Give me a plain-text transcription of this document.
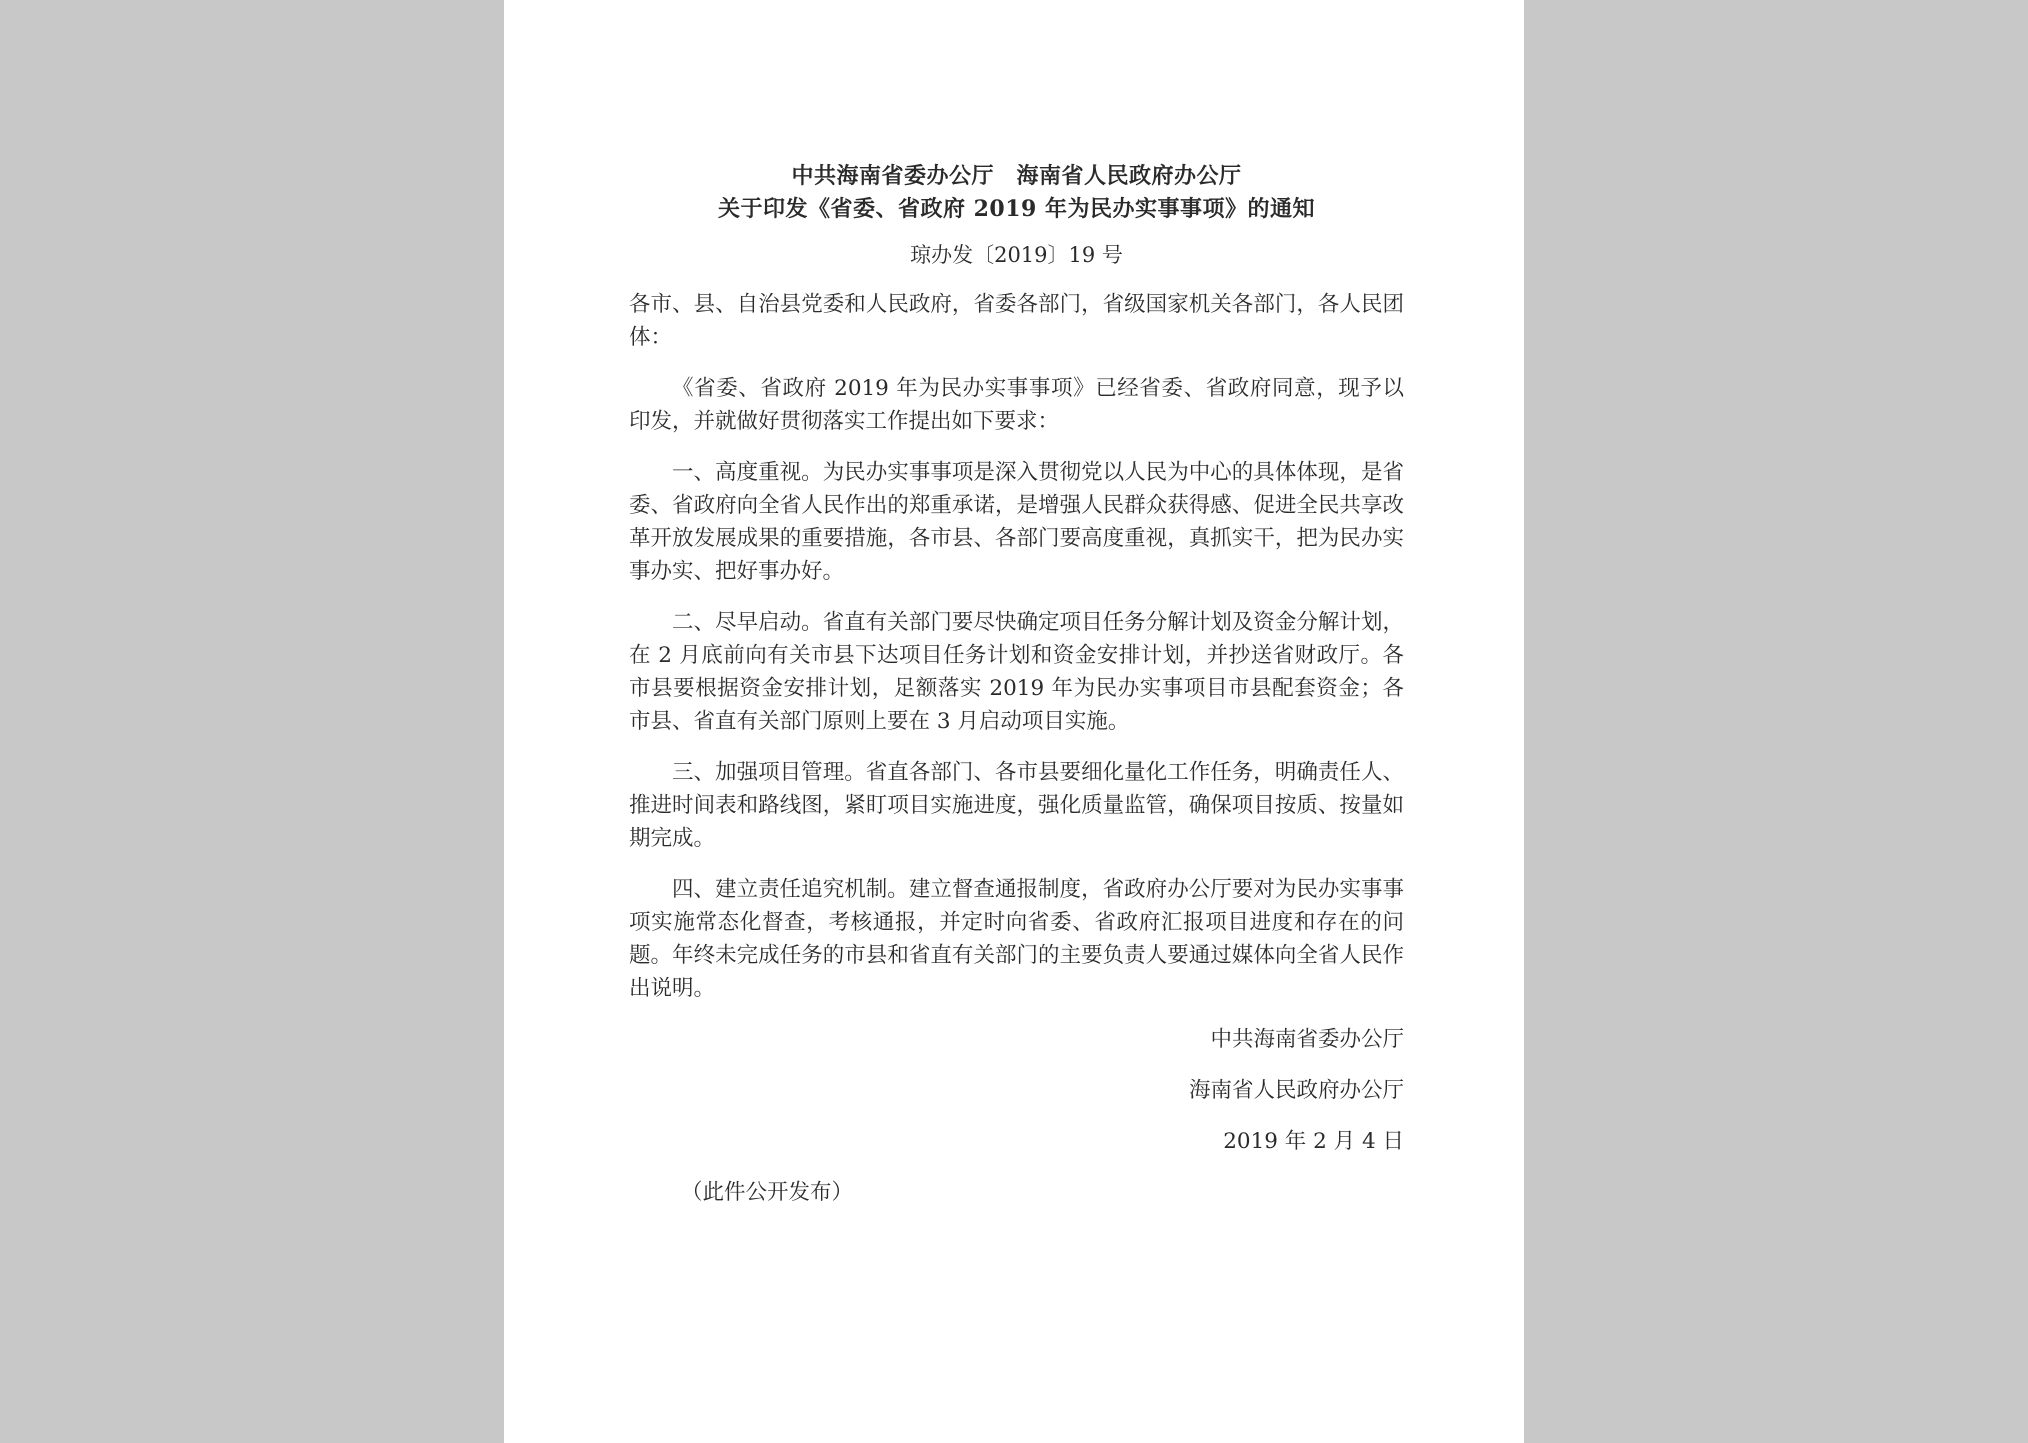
中共海南省委办公厅　海南省人民政府办公厅
关于印发《省委、省政府 2019 年为民办实事事项》的通知
琼办发〔2019〕19 号

各市、县、自治县党委和人民政府，省委各部门，省级国家机关各部门，各人民团体：

《省委、省政府 2019 年为民办实事事项》已经省委、省政府同意，现予以印发，并就做好贯彻落实工作提出如下要求：

一、高度重视。为民办实事事项是深入贯彻党以人民为中心的具体体现，是省委、省政府向全省人民作出的郑重承诺，是增强人民群众获得感、促进全民共享改革开放发展成果的重要措施，各市县、各部门要高度重视，真抓实干，把为民办实事办实、把好事办好。

二、尽早启动。省直有关部门要尽快确定项目任务分解计划及资金分解计划，在 2 月底前向有关市县下达项目任务计划和资金安排计划，并抄送省财政厅。各市县要根据资金安排计划，足额落实 2019 年为民办实事项目市县配套资金；各市县、省直有关部门原则上要在 3 月启动项目实施。

三、加强项目管理。省直各部门、各市县要细化量化工作任务，明确责任人、推进时间表和路线图，紧盯项目实施进度，强化质量监管，确保项目按质、按量如期完成。

四、建立责任追究机制。建立督查通报制度，省政府办公厅要对为民办实事事项实施常态化督查，考核通报，并定时向省委、省政府汇报项目进度和存在的问题。年终未完成任务的市县和省直有关部门的主要负责人要通过媒体向全省人民作出说明。

中共海南省委办公厅
海南省人民政府办公厅
2019 年 2 月 4 日
（此件公开发布）
